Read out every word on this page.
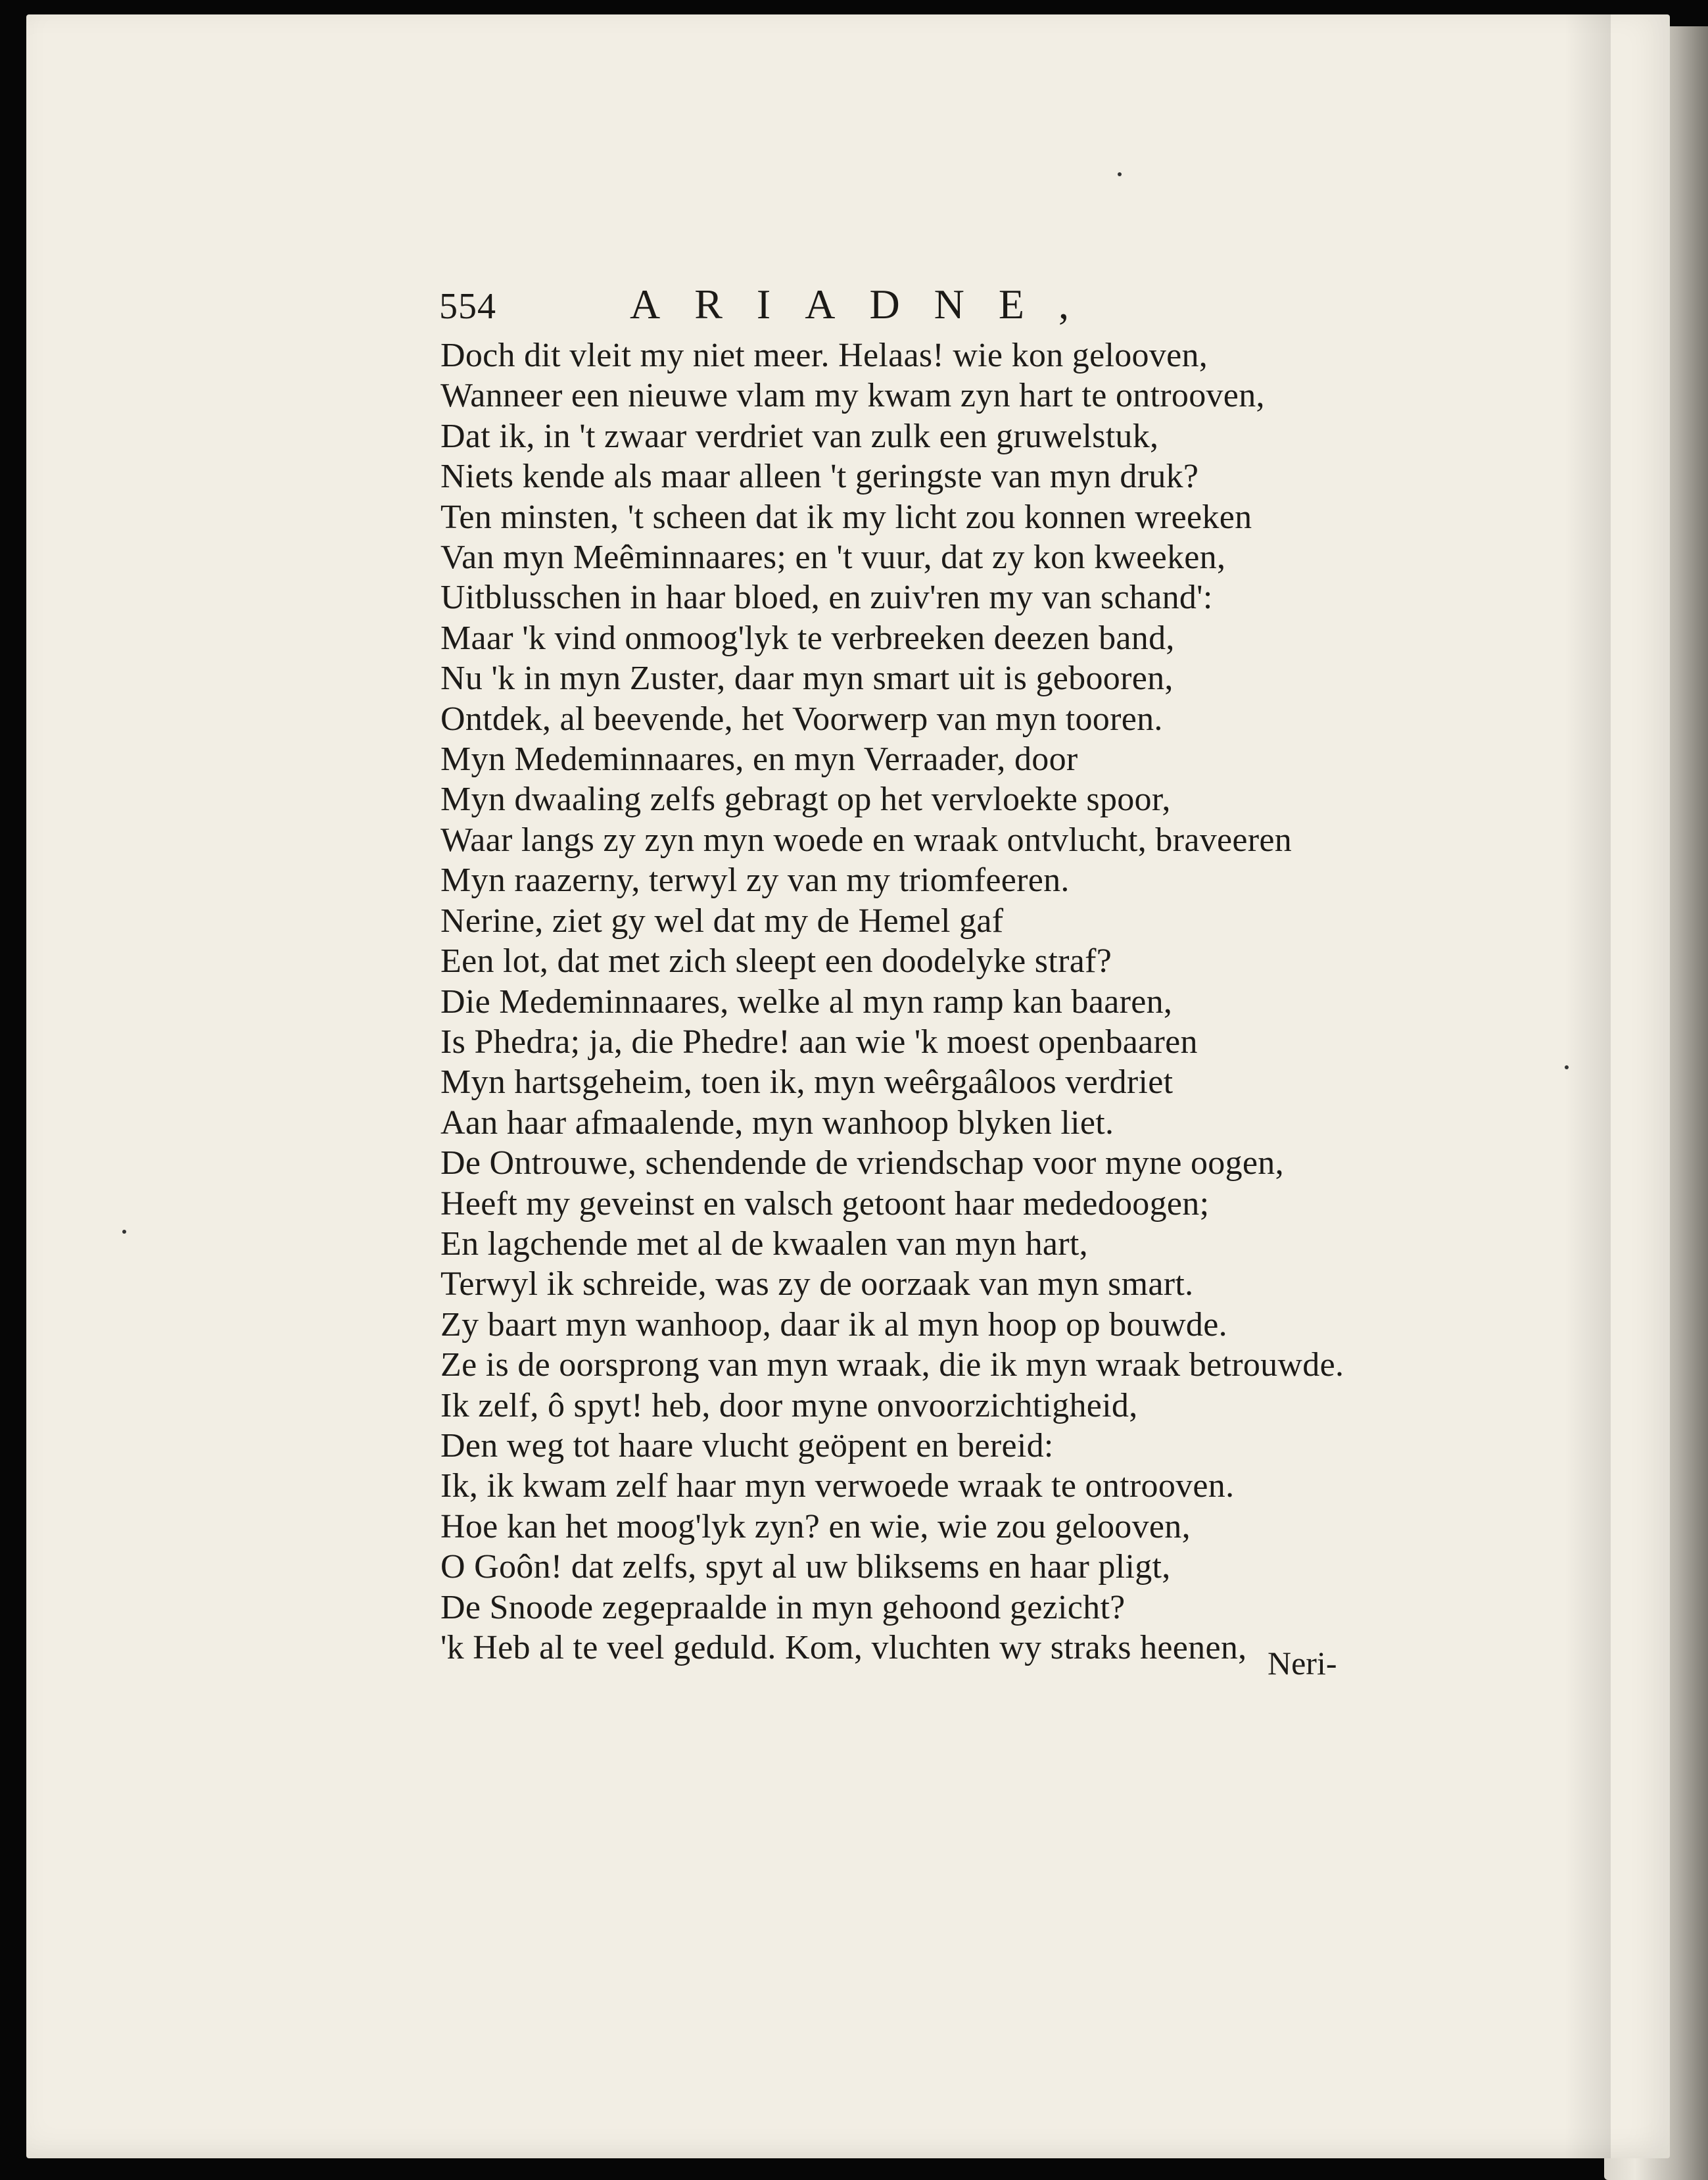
554	ARIADNE,
Doch dit vleit my niet meer. Helaas! wie kon gelooven,
Wanneer een nieuwe vlam my kwam zyn hart te ontrooven,
Dat ik, in 't zwaar verdriet van zulk een gruwelstuk,
Niets kende als maar alleen 't geringste van myn druk?
Ten minsten, 't scheen dat ik my licht zou konnen wreeken
Van myn Meêminnaares; en 't vuur, dat zy kon kweeken,
Uitblusschen in haar bloed, en zuiv'ren my van schand':
Maar 'k vind onmoog'lyk te verbreeken deezen band,
Nu 'k in myn Zuster, daar myn smart uit is gebooren,
Ontdek, al beevende, het Voorwerp van myn tooren.
Myn Medeminnaares, en myn Verraader, door
Myn dwaaling zelfs gebragt op het vervloekte spoor,
Waar langs zy zyn myn woede en wraak ontvlucht, braveeren
Myn raazerny, terwyl zy van my triomfeeren.
Nerine, ziet gy wel dat my de Hemel gaf
Een lot, dat met zich sleept een doodelyke straf?
Die Medeminnaares, welke al myn ramp kan baaren,
Is Phedra; ja, die Phedre! aan wie 'k moest openbaaren
Myn hartsgeheim, toen ik, myn weêrgaâloos verdriet
Aan haar afmaalende, myn wanhoop blyken liet.
De Ontrouwe, schendende de vriendschap voor myne oogen,
Heeft my geveinst en valsch getoont haar mededoogen;
En lagchende met al de kwaalen van myn hart,
Terwyl ik schreide, was zy de oorzaak van myn smart.
Zy baart myn wanhoop, daar ik al myn hoop op bouwde.
Ze is de oorsprong van myn wraak, die ik myn wraak betrouwde.
Ik zelf, ô spyt! heb, door myne onvoorzichtigheid,
Den weg tot haare vlucht geöpent en bereid:
Ik, ik kwam zelf haar myn verwoede wraak te ontrooven.
Hoe kan het moog'lyk zyn? en wie, wie zou gelooven,
O Goôn! dat zelfs, spyt al uw bliksems en haar pligt,
De Snoode zegepraalde in myn gehoond gezicht?
'k Heb al te veel geduld. Kom, vluchten wy straks heenen, Neri-
